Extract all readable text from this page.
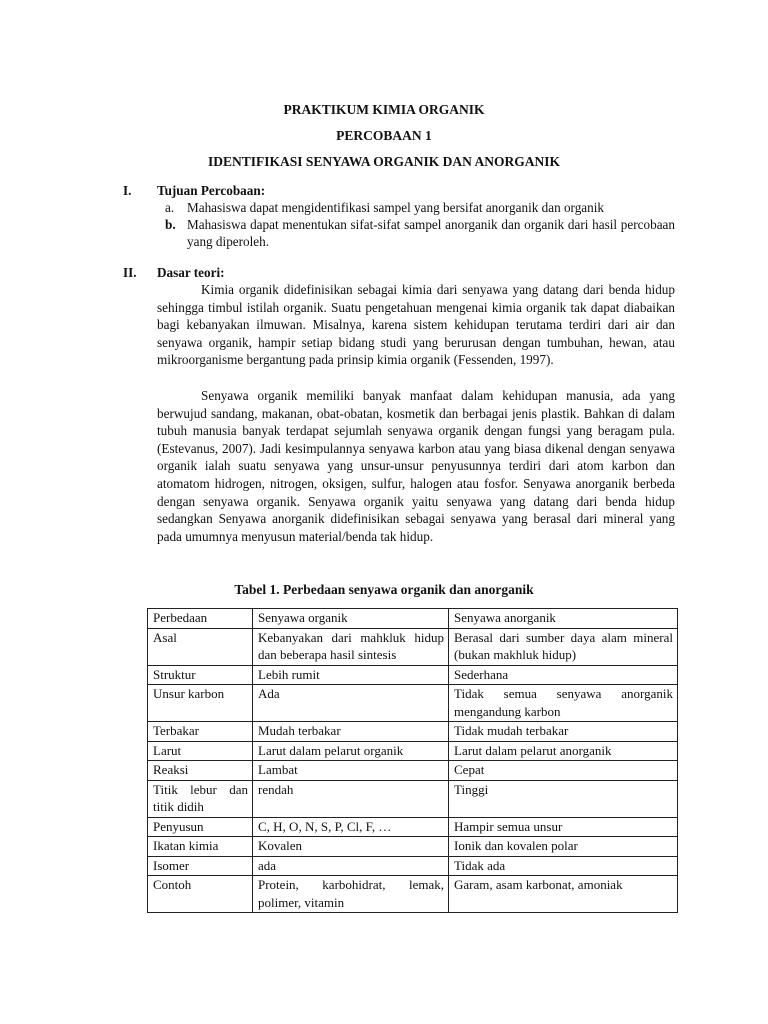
PRAKTIKUM KIMIA ORGANIK
PERCOBAAN 1
IDENTIFIKASI SENYAWA ORGANIK DAN ANORGANIK
I. Tujuan Percobaan:
a. Mahasiswa dapat mengidentifikasi sampel yang bersifat anorganik dan organik
b. Mahasiswa dapat menentukan sifat-sifat sampel anorganik dan organik dari hasil percobaan yang diperoleh.
II. Dasar teori:

Kimia organik didefinisikan sebagai kimia dari senyawa yang datang dari benda hidup sehingga timbul istilah organik. Suatu pengetahuan mengenai kimia organik tak dapat diabaikan bagi kebanyakan ilmuwan. Misalnya, karena sistem kehidupan terutama terdiri dari air dan senyawa organik, hampir setiap bidang studi yang berurusan dengan tumbuhan, hewan, atau mikroorganisme bergantung pada prinsip kimia organik (Fessenden, 1997).

Senyawa organik memiliki banyak manfaat dalam kehidupan manusia, ada yang berwujud sandang, makanan, obat-obatan, kosmetik dan berbagai jenis plastik. Bahkan di dalam tubuh manusia banyak terdapat sejumlah senyawa organik dengan fungsi yang beragam pula. (Estevanus, 2007). Jadi kesimpulannya senyawa karbon atau yang biasa dikenal dengan senyawa organik ialah suatu senyawa yang unsur-unsur penyusunnya terdiri dari atom karbon dan atomatom hidrogen, nitrogen, oksigen, sulfur, halogen atau fosfor. Senyawa anorganik berbeda dengan senyawa organik. Senyawa organik yaitu senyawa yang datang dari benda hidup sedangkan Senyawa anorganik didefinisikan sebagai senyawa yang berasal dari mineral yang pada umumnya menyusun material/benda tak hidup.

Tabel 1. Perbedaan senyawa organik dan anorganik
Perbedaan	Senyawa organik	Senyawa anorganik
Asal	Kebanyakan dari mahkluk hidup dan beberapa hasil sintesis	Berasal dari sumber daya alam mineral (bukan makhluk hidup)
Struktur	Lebih rumit	Sederhana
Unsur karbon	Ada	Tidak semua senyawa anorganik mengandung karbon
Terbakar	Mudah terbakar	Tidak mudah terbakar
Larut	Larut dalam pelarut organik	Larut dalam pelarut anorganik
Reaksi	Lambat	Cepat
Titik lebur dan titik didih	rendah	Tinggi
Penyusun	C, H, O, N, S, P, Cl, F, …	Hampir semua unsur
Ikatan kimia	Kovalen	Ionik dan kovalen polar
Isomer	ada	Tidak ada
Contoh	Protein, karbohidrat, lemak, polimer, vitamin	Garam, asam karbonat, amoniak
